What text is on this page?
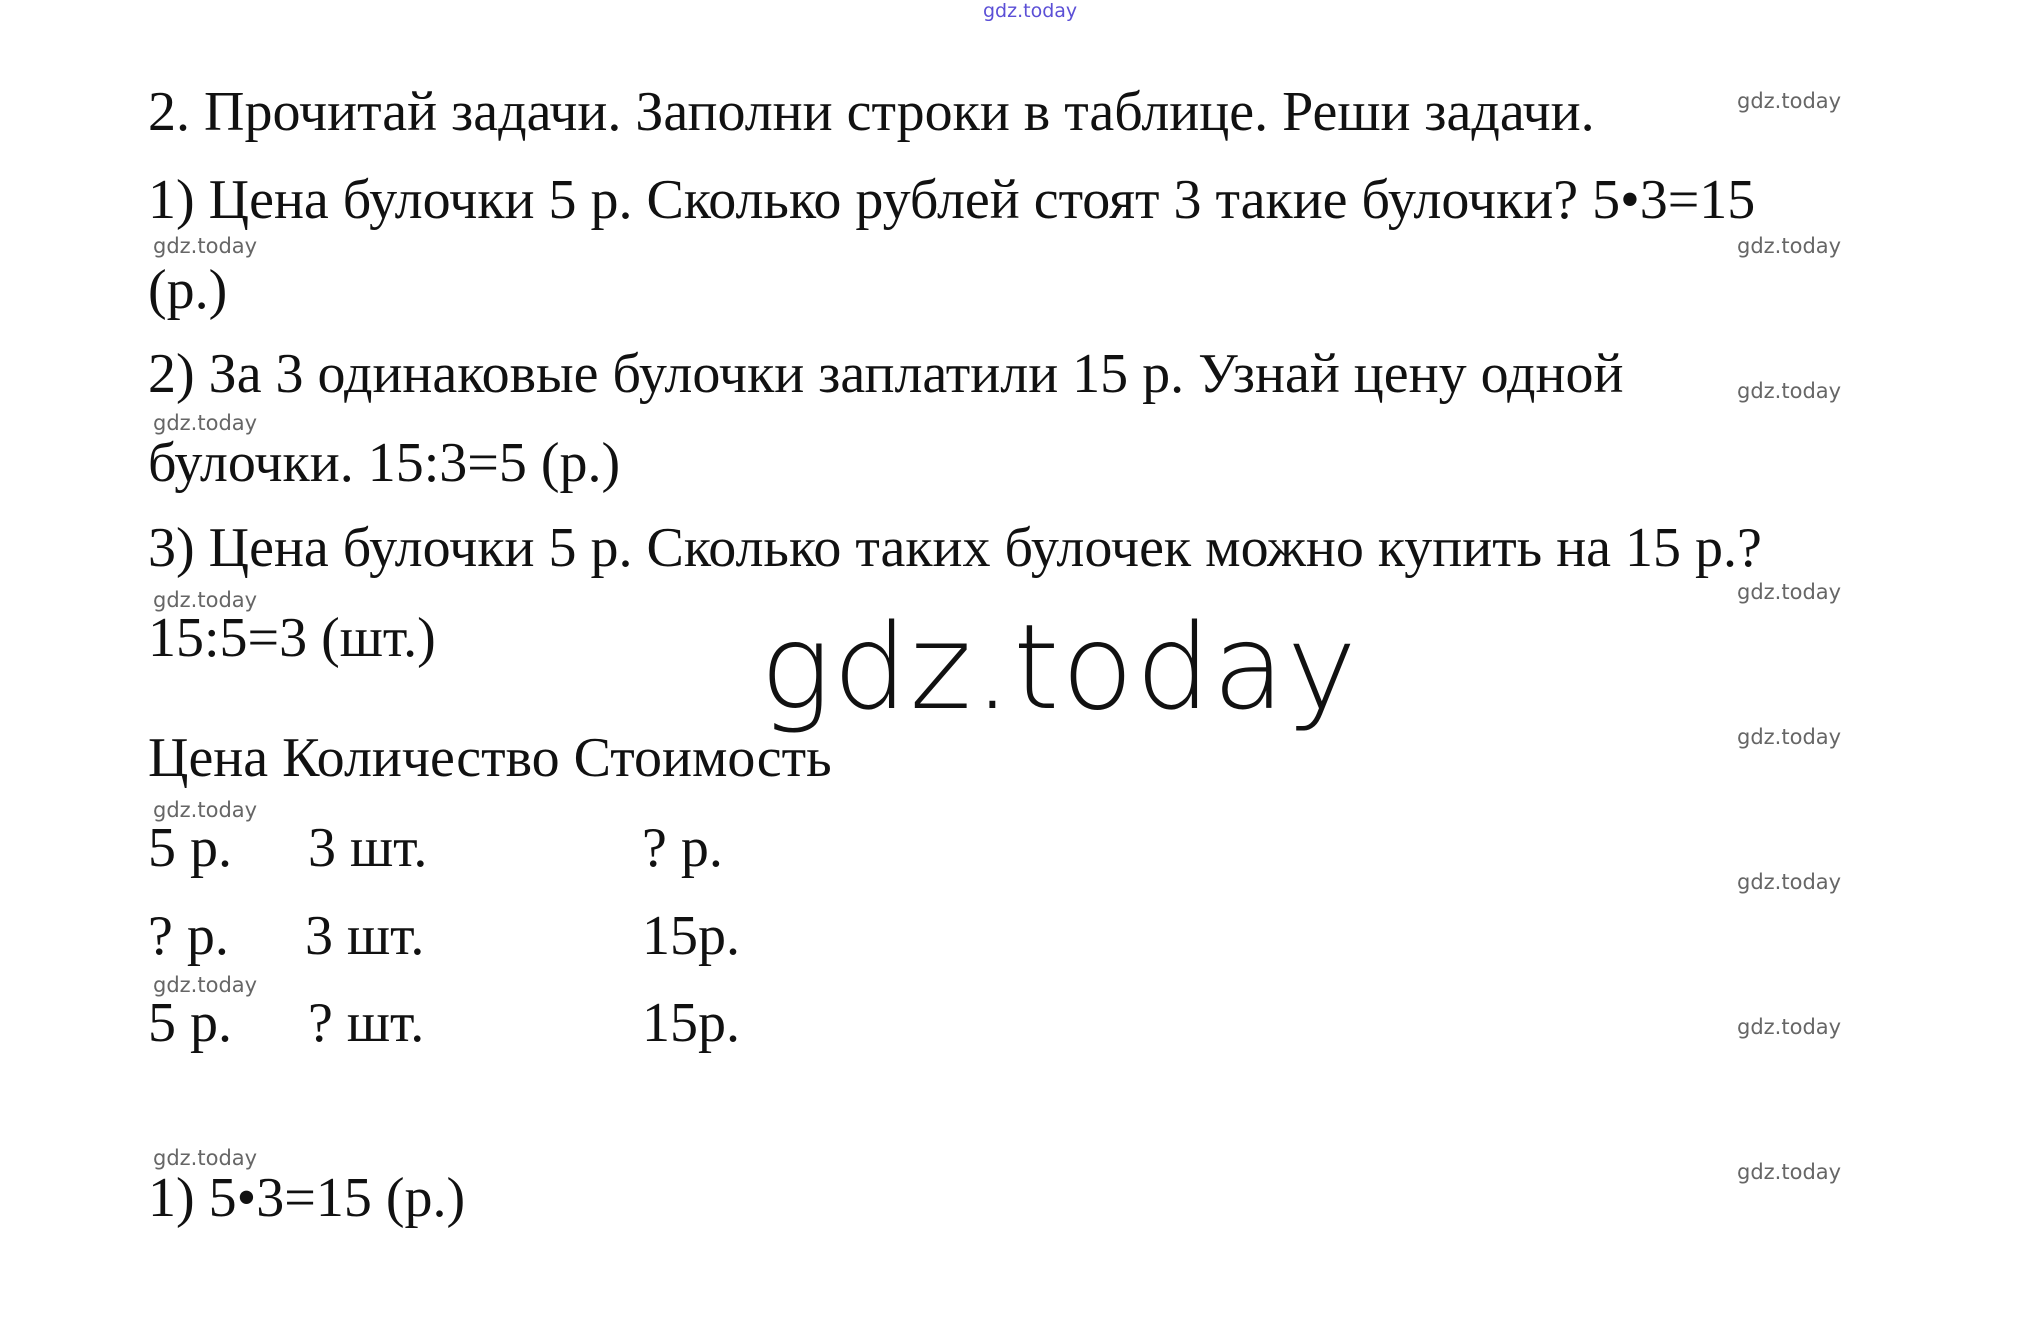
gdz.today
2. Прочитай задачи. Заполни строки в таблице. Реши задачи.
1) Цена булочки 5 р. Сколько рублей стоят 3 такие булочки? 5•3=15
(р.)
2) За 3 одинаковые булочки заплатили 15 р. Узнай цену одной
булочки. 15:3=5 (р.)
3) Цена булочки 5 р. Сколько таких булочек можно купить на 15 р.?
15:5=3 (шт.)	gdz.today
Цена Количество Стоимость
5 р. 3 шт.	? р.
? р. 3 шт.	15р.
5 р. ? шт.	15р.
1) 5•3=15 (р.)
gdz.today
gdz.today
gdz.today
gdz.today
gdz.today
gdz.today
gdz.today
gdz.today
gdz.today
gdz.today
gdz.today
gdz.today
gdz.today
gdz.today
